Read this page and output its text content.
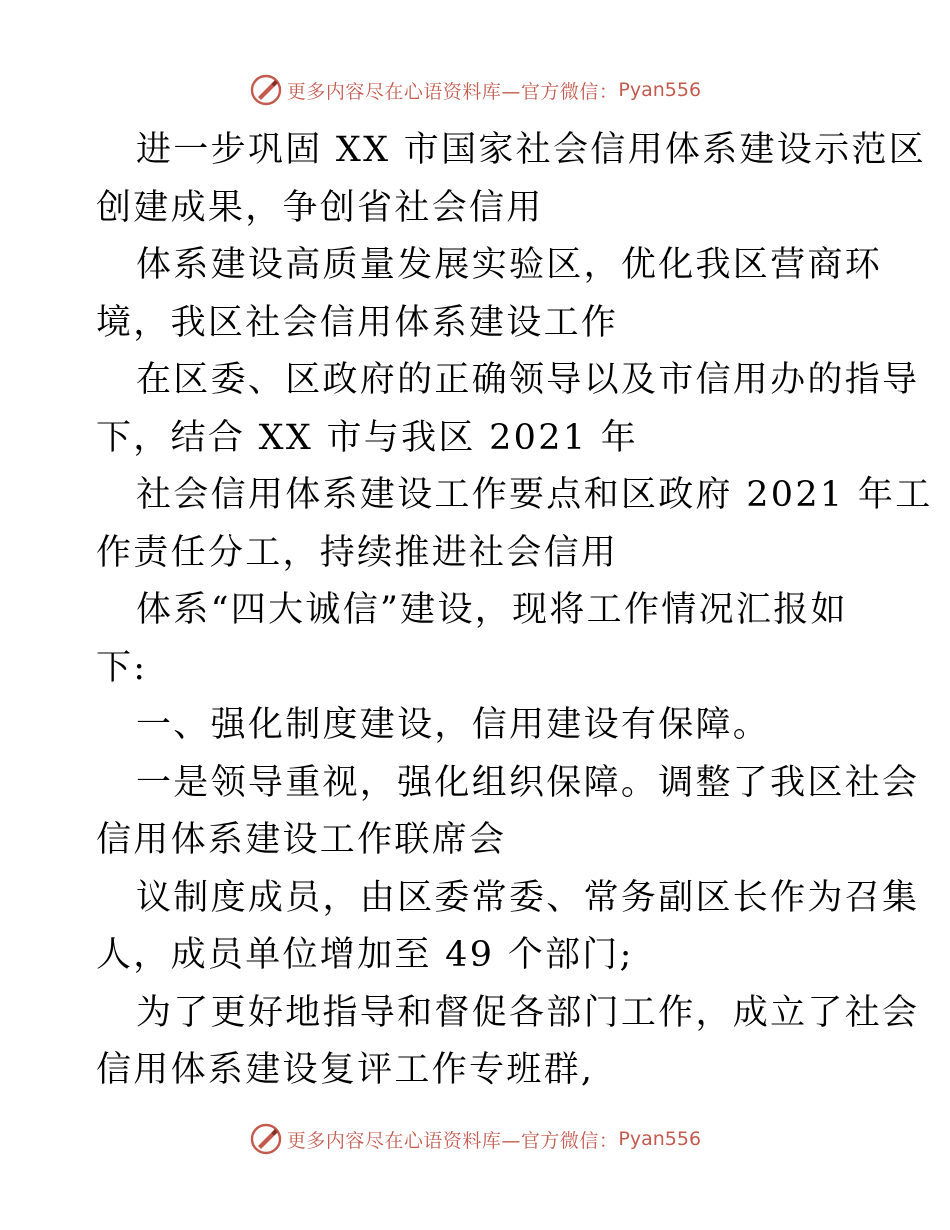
更多内容尽在心语资料库—官方微信： Pyan556
进一步巩固 XX 市国家社会信用体系建设示范区
创建成果，争创省社会信用
体系建设高质量发展实验区，优化我区营商环
境，我区社会信用体系建设工作
在区委、区政府的正确领导以及市信用办的指导
下，结合 XX 市与我区 2021 年
社会信用体系建设工作要点和区政府 2021 年工
作责任分工，持续推进社会信用
体系“四大诚信”建设，现将工作情况汇报如
下:
一、强化制度建设，信用建设有保障。
一是领导重视，强化组织保障。调整了我区社会
信用体系建设工作联席会
议制度成员，由区委常委、常务副区长作为召集
人，成员单位增加至 49 个部门;
为了更好地指导和督促各部门工作，成立了社会
信用体系建设复评工作专班群,
更多内容尽在心语资料库—官方微信： Pyan556
